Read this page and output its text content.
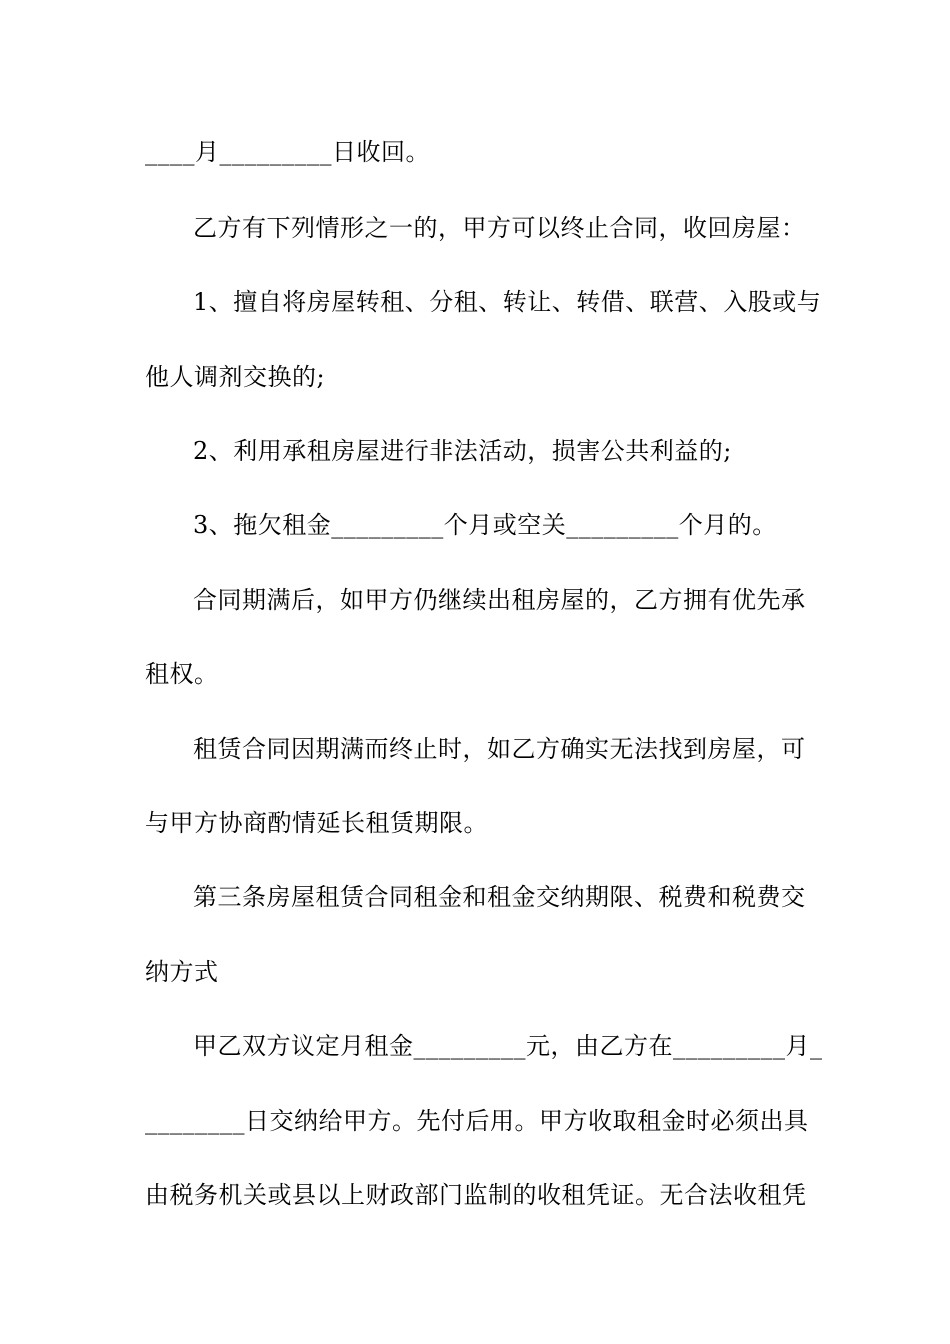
____月_________日收回。
乙方有下列情形之一的，甲方可以终止合同，收回房屋：
1、擅自将房屋转租、分租、转让、转借、联营、入股或与
他人调剂交换的;
2、利用承租房屋进行非法活动，损害公共利益的;
3、拖欠租金_________个月或空关_________个月的。
合同期满后，如甲方仍继续出租房屋的，乙方拥有优先承
租权。
租赁合同因期满而终止时，如乙方确实无法找到房屋，可
与甲方协商酌情延长租赁期限。
第三条房屋租赁合同租金和租金交纳期限、税费和税费交
纳方式
甲乙双方议定月租金_________元，由乙方在_________月_
________日交纳给甲方。先付后用。甲方收取租金时必须出具
由税务机关或县以上财政部门监制的收租凭证。无合法收租凭
